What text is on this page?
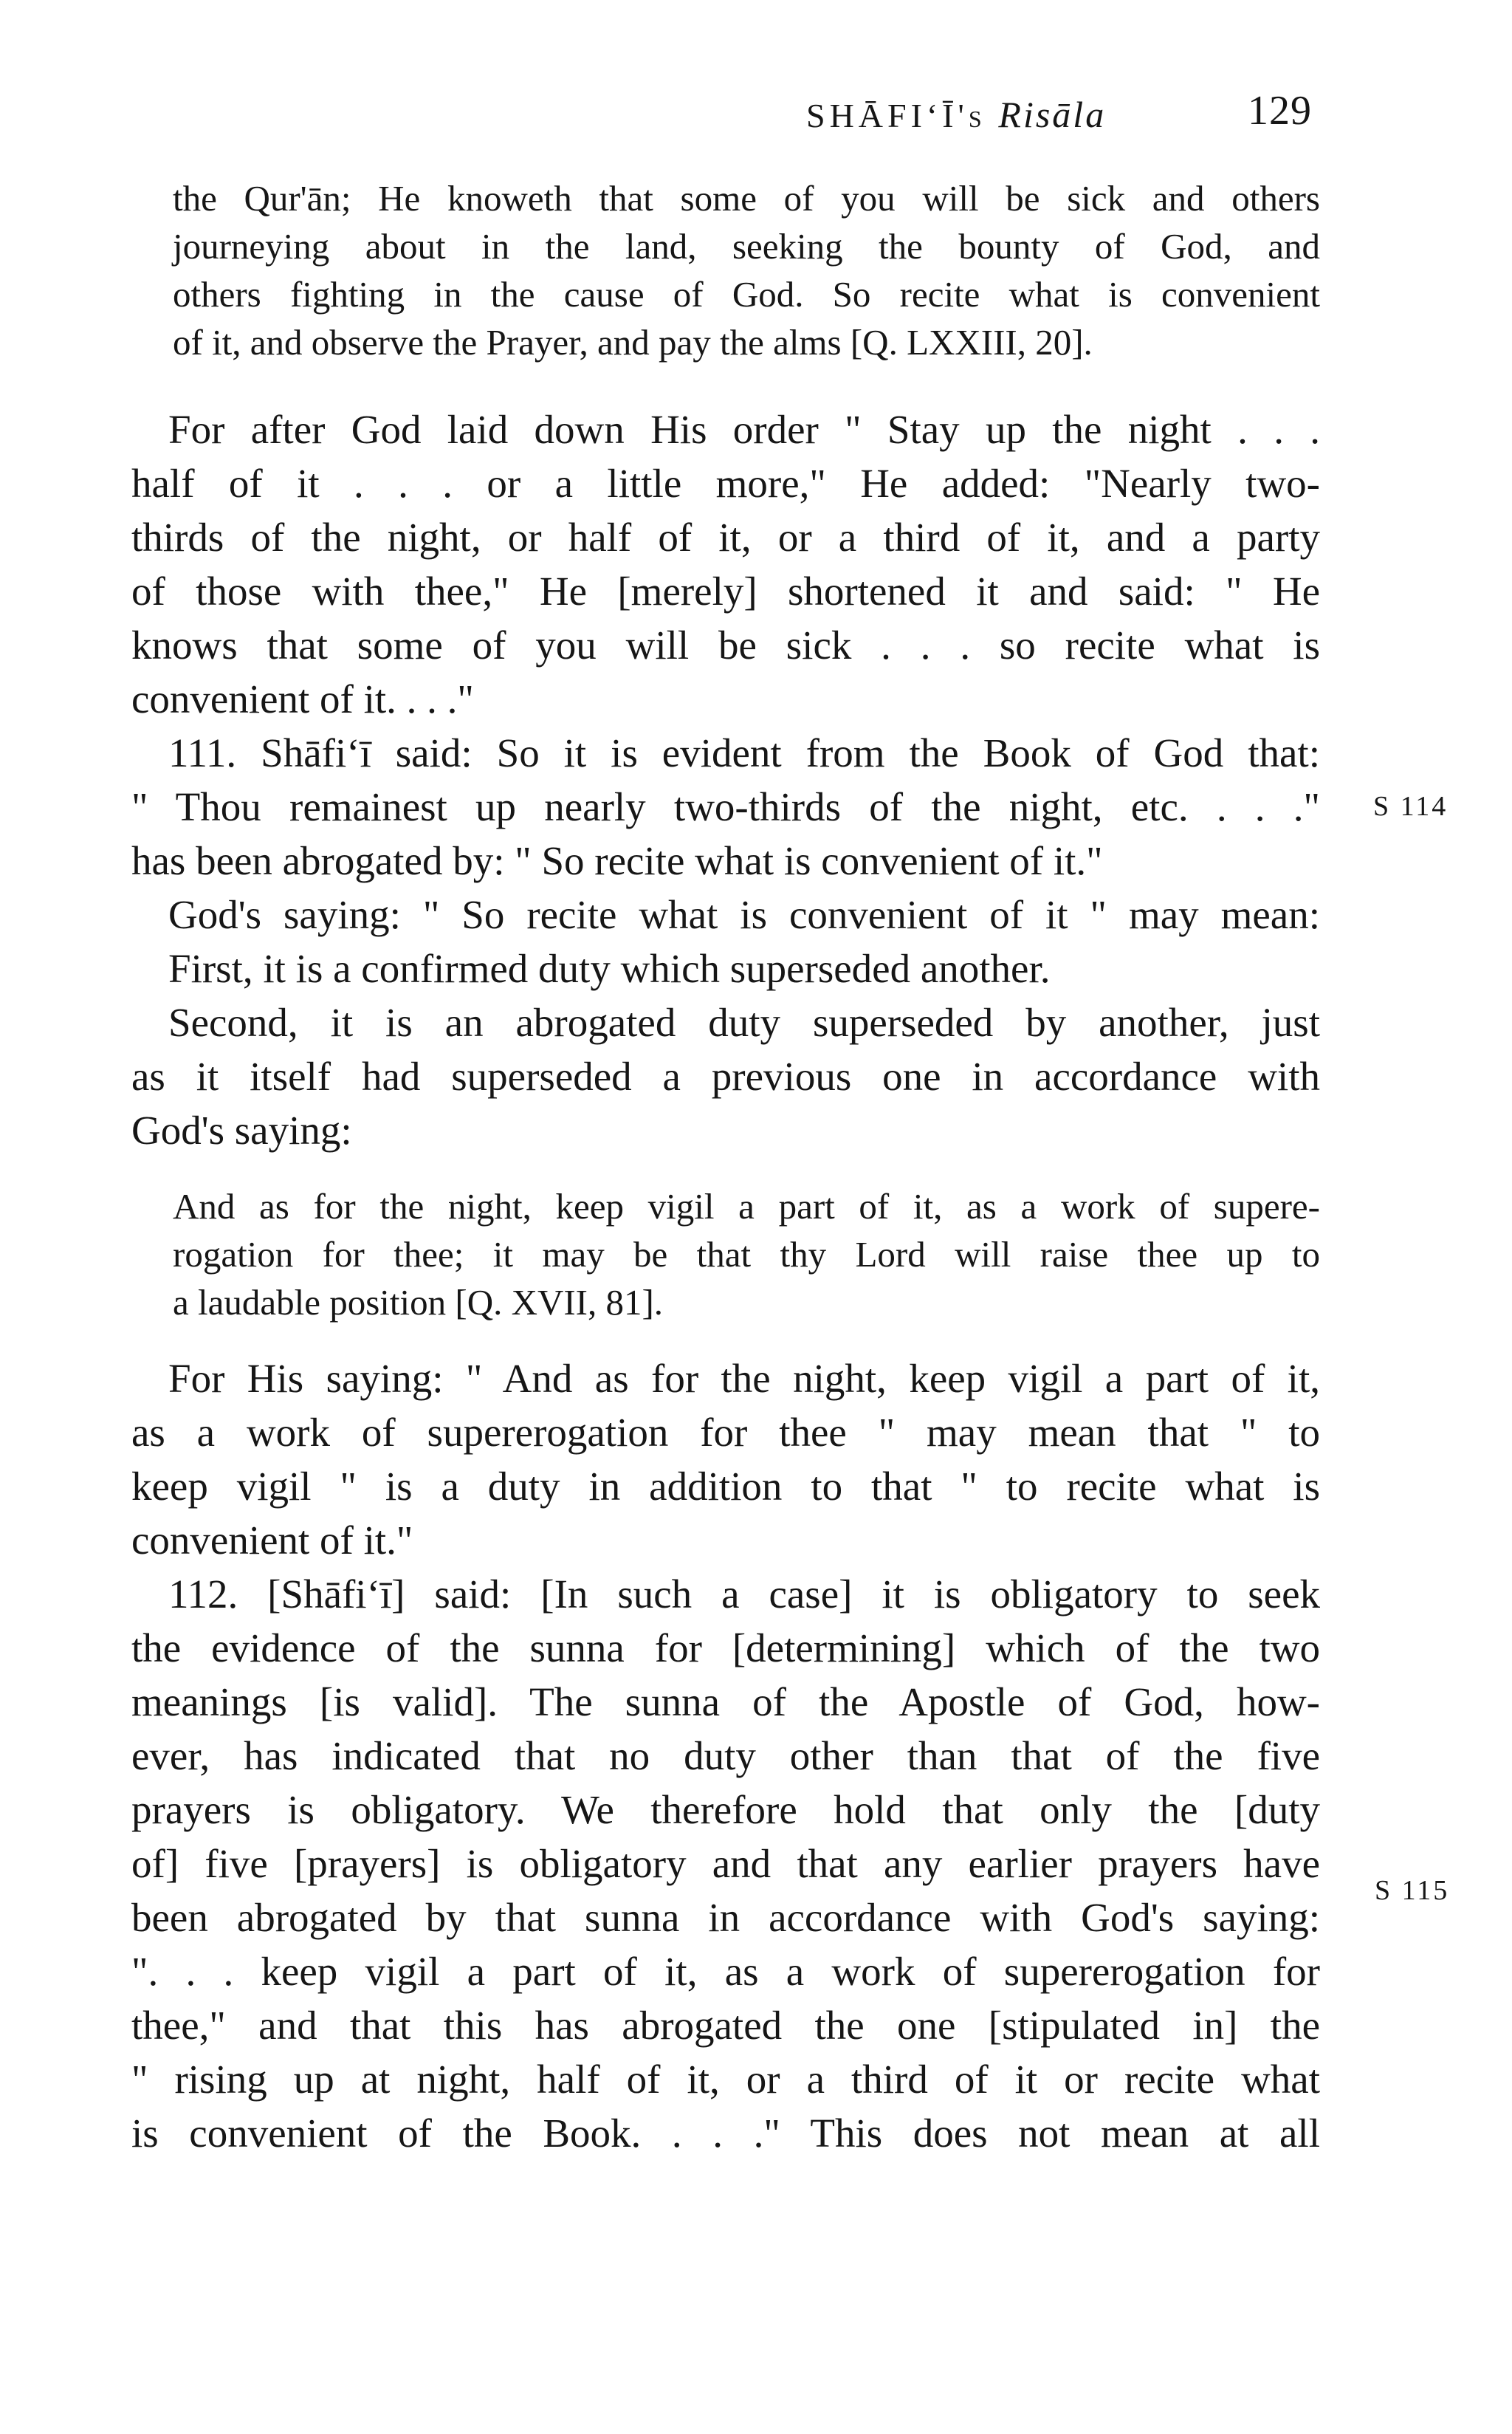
SHĀFI‘Ī's Risāla	129
the Qur'ān; He knoweth that some of you will be sick and others
journeying about in the land, seeking the bounty of God, and
others fighting in the cause of God. So recite what is convenient
of it, and observe the Prayer, and pay the alms [Q. LXXIII, 20].
For after God laid down His order " Stay up the night . . .
half of it . . . or a little more," He added: "Nearly two-
thirds of the night, or half of it, or a third of it, and a party
of those with thee," He [merely] shortened it and said: " He
knows that some of you will be sick . . . so recite what is
convenient of it. . . ."
111. Shāfi‘ī said: So it is evident from the Book of God that:
" Thou remainest up nearly two-thirds of the night, etc. . . ."
has been abrogated by: " So recite what is convenient of it."
God's saying: " So recite what is convenient of it " may mean:
First, it is a confirmed duty which superseded another.
Second, it is an abrogated duty superseded by another, just
as it itself had superseded a previous one in accordance with
God's saying:
And as for the night, keep vigil a part of it, as a work of supere-
rogation for thee; it may be that thy Lord will raise thee up to
a laudable position [Q. XVII, 81].
For His saying: " And as for the night, keep vigil a part of it,
as a work of supererogation for thee " may mean that " to
keep vigil " is a duty in addition to that " to recite what is
convenient of it."
112. [Shāfi‘ī] said: [In such a case] it is obligatory to seek
the evidence of the sunna for [determining] which of the two
meanings [is valid]. The sunna of the Apostle of God, how-
ever, has indicated that no duty other than that of the five
prayers is obligatory. We therefore hold that only the [duty
of] five [prayers] is obligatory and that any earlier prayers have
been abrogated by that sunna in accordance with God's saying:
". . . keep vigil a part of it, as a work of supererogation for
thee," and that this has abrogated the one [stipulated in] the
" rising up at night, half of it, or a third of it or recite what
is convenient of the Book. . . ." This does not mean at all
S 114
S 115
